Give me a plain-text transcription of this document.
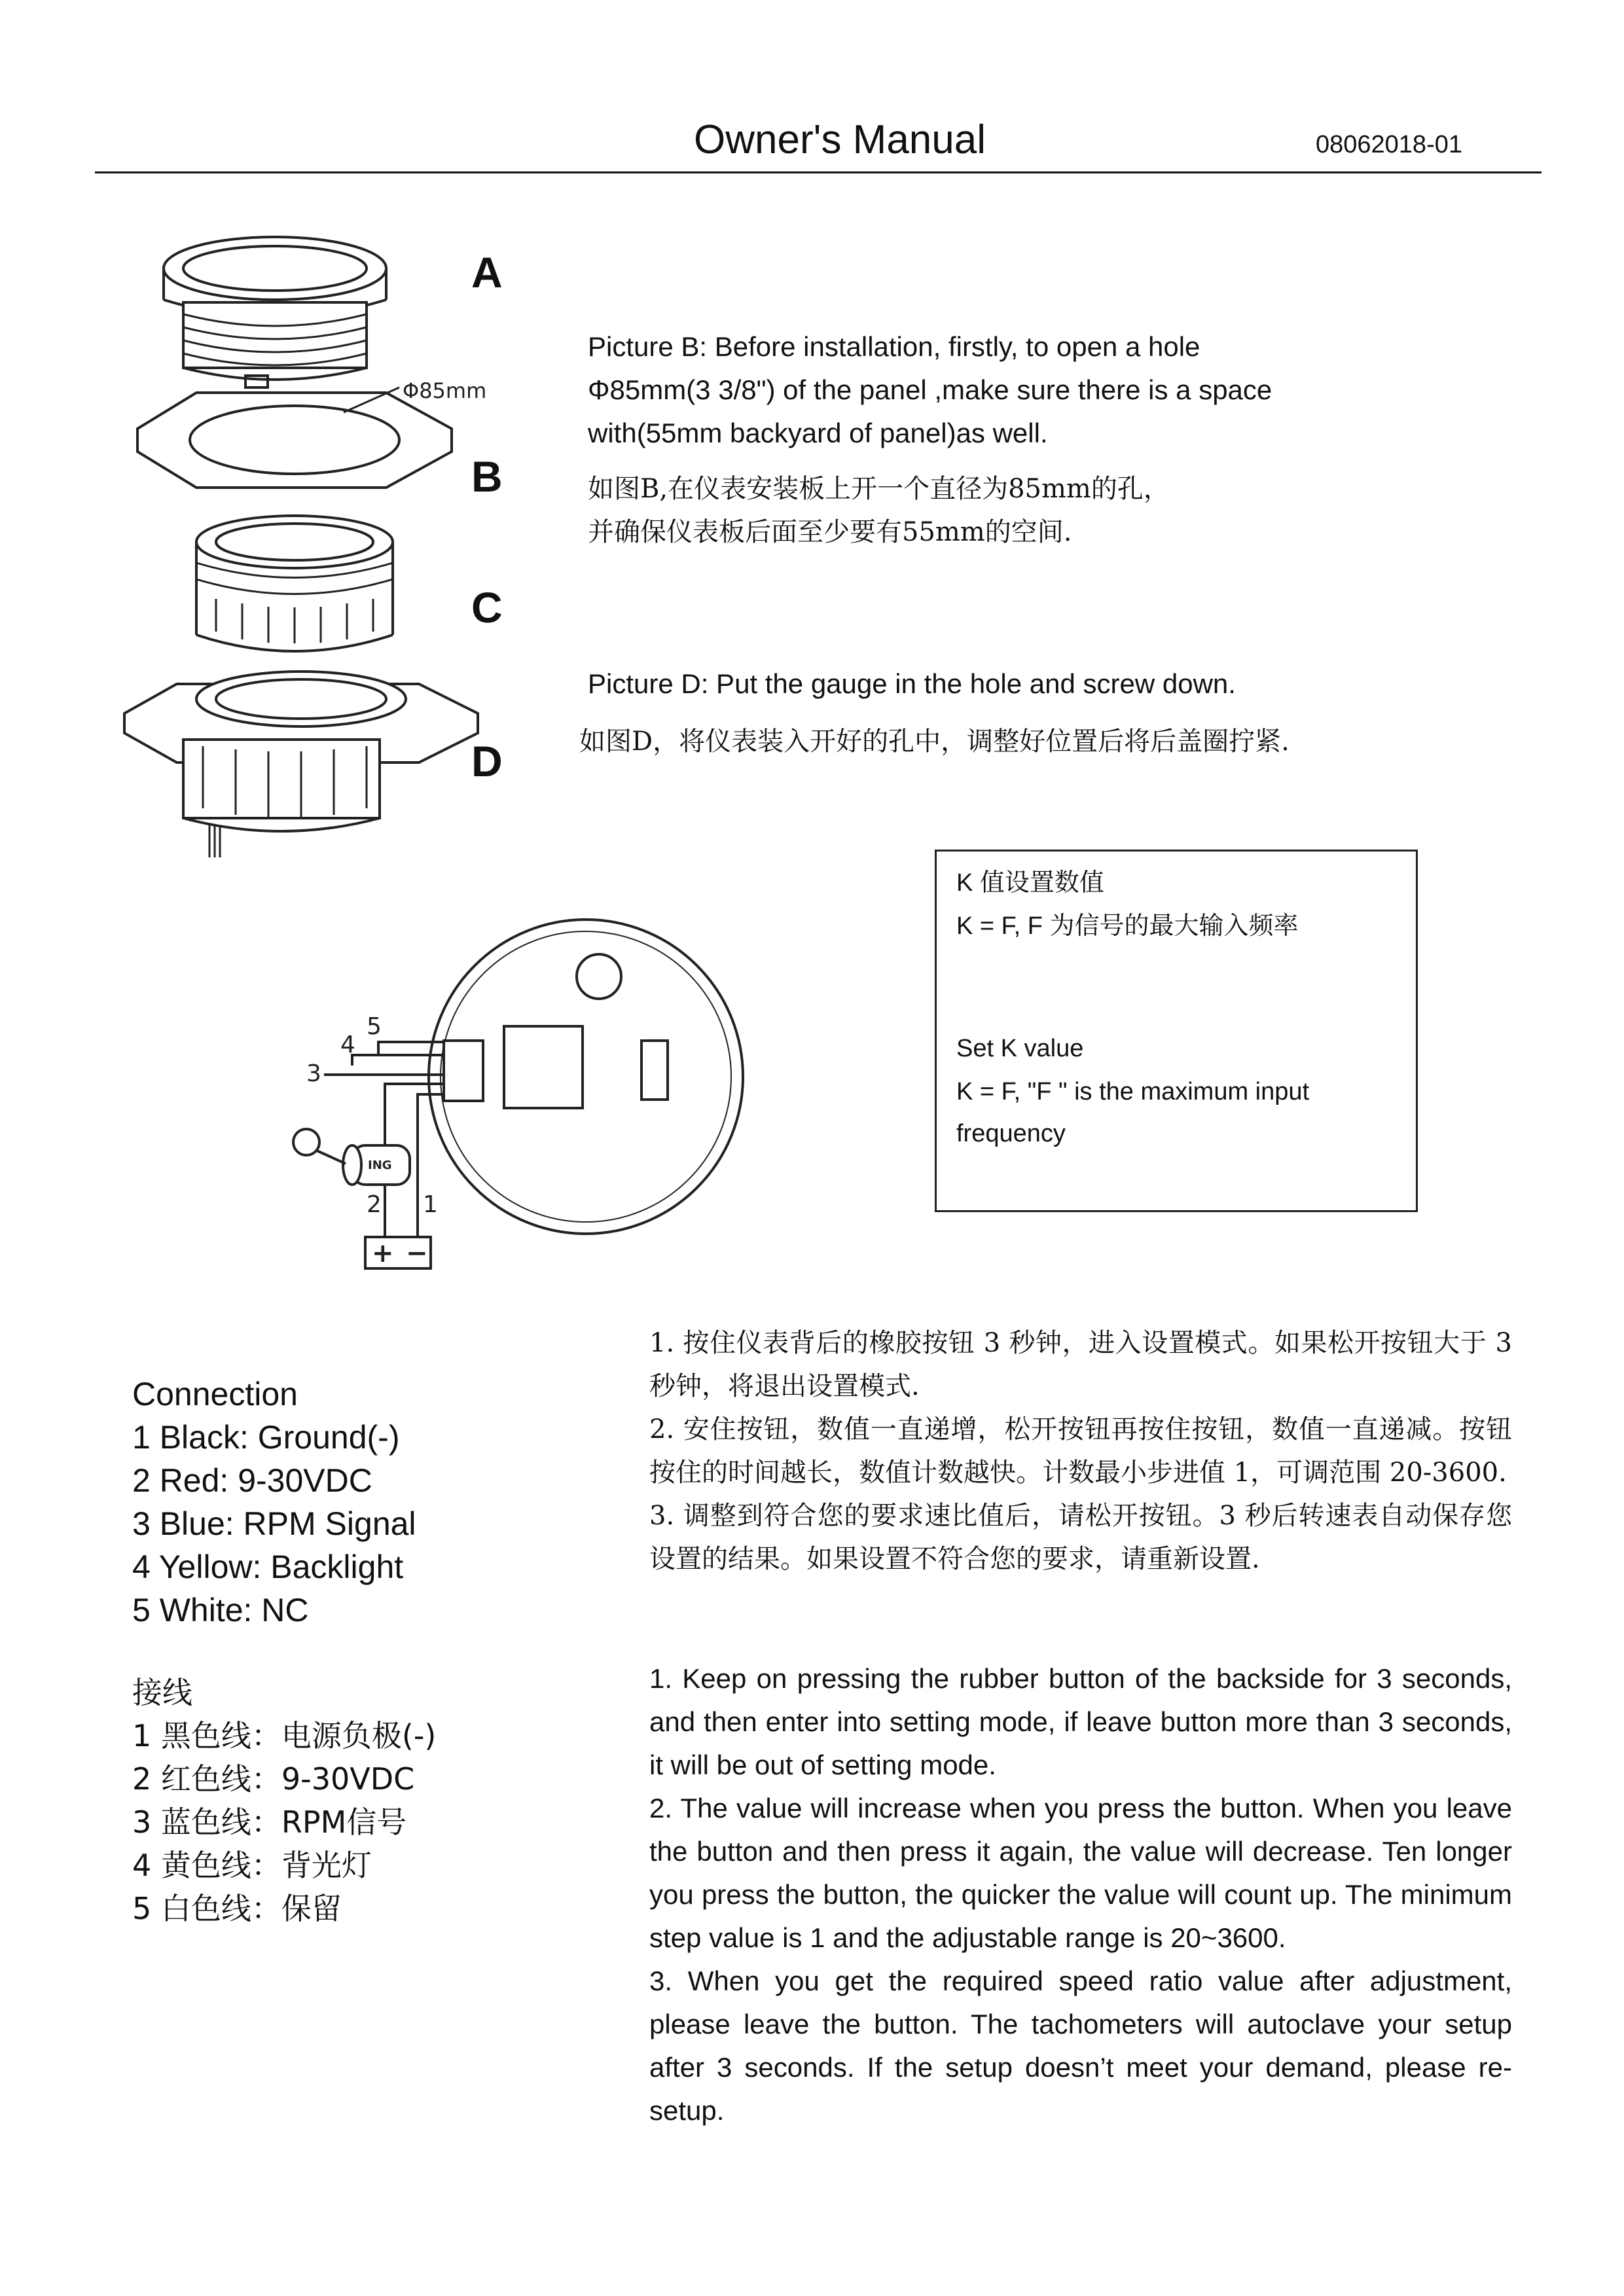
Owner's Manual	08062018-01
Φ85mm
A
B
C
D
Picture B: Before installation, firstly, to open a hole
Φ85mm(3 3/8") of the panel ,make sure there is a space
with(55mm backyard of panel)as well.
如图B,在仪表安装板上开一个直径为85mm的孔，
并确保仪表板后面至少要有55mm的空间.
Picture D: Put the gauge in the hole and screw down.
如图D，将仪表装入开好的孔中，调整好位置后将后盖圈拧紧.
K 值设置数值
K = F, F 为信号的最大输入频率
Set K value
K = F, "F " is the maximum input
frequency
5
4
3
2 1
ING
+ −
Connection
1 Black: Ground(-)
2 Red: 9-30VDC
3 Blue: RPM Signal
4 Yellow: Backlight
5 White: NC
接线
1 黑色线：电源负极(-)
2 红色线：9-30VDC
3 蓝色线：RPM信号
4 黄色线：背光灯
5 白色线：保留

1. 按住仪表背后的橡胶按钮 3 秒钟，进入设置模式。如果松开按钮大于 3 秒钟，将退出设置模式.

2. 安住按钮，数值一直递增，松开按钮再按住按钮，数值一直递减。按钮按住的时间越长，数值计数越快。计数最小步进值 1，可调范围 20-3600.

3. 调整到符合您的要求速比值后，请松开按钮。3 秒后转速表自动保存您设置的结果。如果设置不符合您的要求，请重新设置.

1. Keep on pressing the rubber button of the backside for 3 seconds, and then enter into setting mode, if leave button more than 3 seconds, it will be out of setting mode.

2. The value will increase when you press the button. When you leave the button and then press it again, the value will decrease. Ten longer you press the button, the quicker the value will count up. The minimum step value is 1 and the adjustable range is 20~3600.

3. When you get the required speed ratio value after adjustment, please leave the button. The tachometers will autoclave your setup after 3 seconds. If the setup doesn’t meet your demand, please re-setup.
